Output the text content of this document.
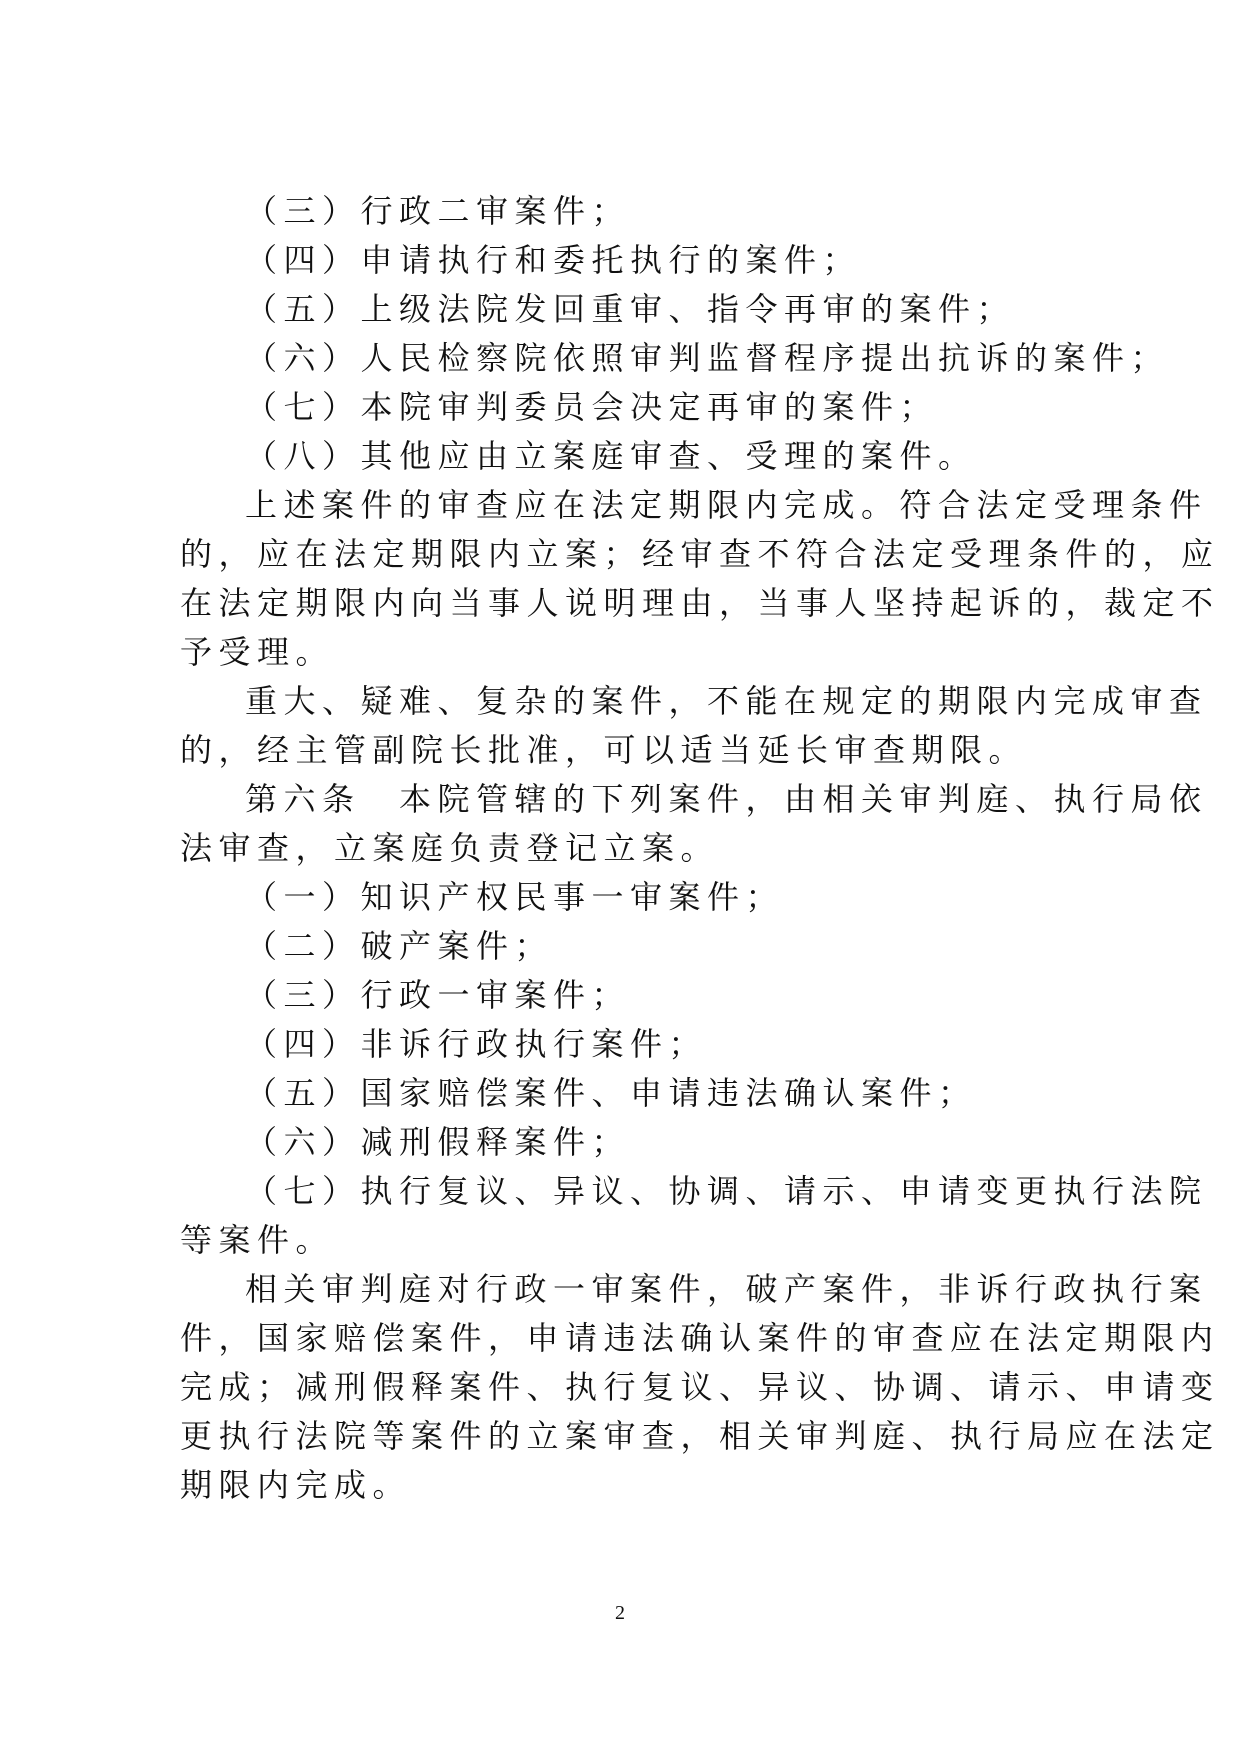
（三）行政二审案件；
（四）申请执行和委托执行的案件；
（五）上级法院发回重审、指令再审的案件；
（六）人民检察院依照审判监督程序提出抗诉的案件；
（七）本院审判委员会决定再审的案件；
（八）其他应由立案庭审查、受理的案件。
上述案件的审查应在法定期限内完成。符合法定受理条件
的，应在法定期限内立案；经审查不符合法定受理条件的，应
在法定期限内向当事人说明理由，当事人坚持起诉的，裁定不
予受理。
重大、疑难、复杂的案件，不能在规定的期限内完成审查
的，经主管副院长批准，可以适当延长审查期限。
第六条　本院管辖的下列案件，由相关审判庭、执行局依
法审查，立案庭负责登记立案。
（一）知识产权民事一审案件；
（二）破产案件；
（三）行政一审案件；
（四）非诉行政执行案件；
（五）国家赔偿案件、申请违法确认案件；
（六）减刑假释案件；
（七）执行复议、异议、协调、请示、申请变更执行法院
等案件。
相关审判庭对行政一审案件，破产案件，非诉行政执行案
件，国家赔偿案件，申请违法确认案件的审查应在法定期限内
完成；减刑假释案件、执行复议、异议、协调、请示、申请变
更执行法院等案件的立案审查，相关审判庭、执行局应在法定
期限内完成。
2
